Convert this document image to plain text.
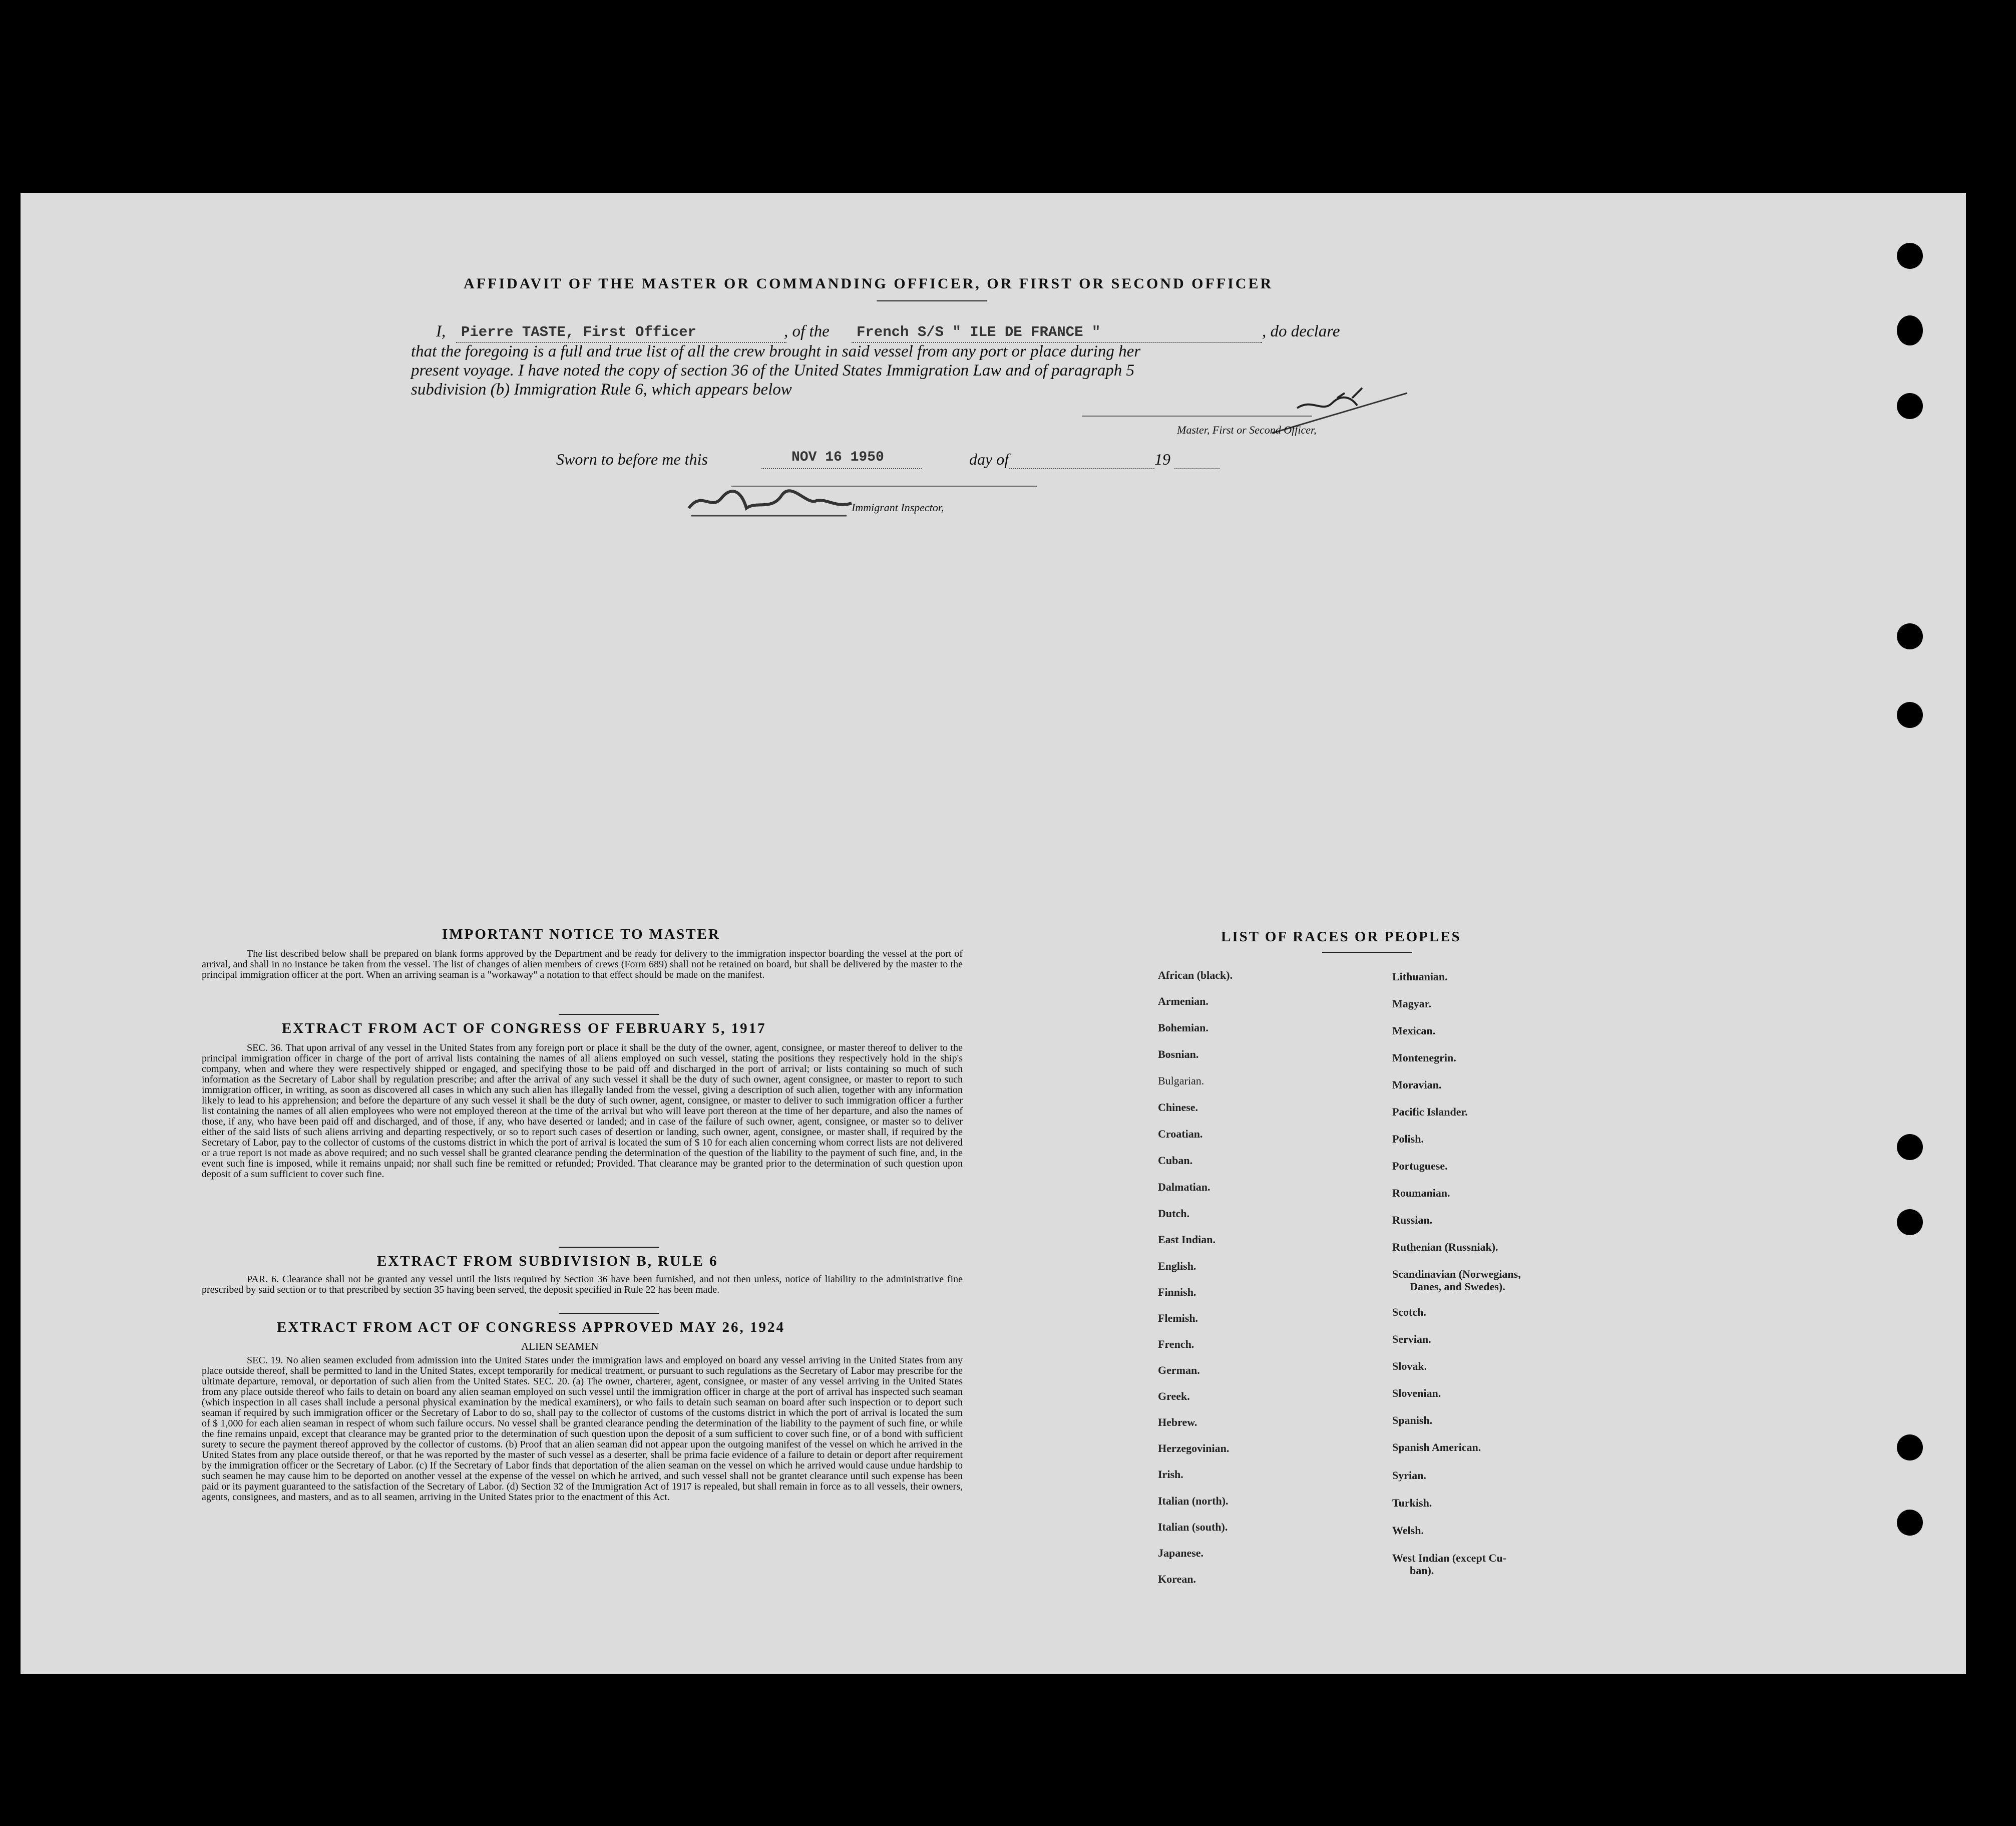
AFFIDAVIT OF THE MASTER OR COMMANDING OFFICER, OR FIRST OR SECOND OFFICER
I, Pierre TASTE, First Officer	, of the French S/S " ILE DE FRANCE "	, do declare
that the foregoing is a full and true list of all the crew brought in said vessel from any port or place during her
present voyage. I have noted the copy of section 36 of the United States Immigration Law and of paragraph 5
subdivision (b) Immigration Rule 6, which appears below
Master, First or Second Officer,
Sworn to before me this	NOV 16 1950	day of	19
Immigrant Inspector,
IMPORTANT NOTICE TO MASTER
The list described below shall be prepared on blank forms approved by the Department and be ready for delivery to the immigration inspector boarding the vessel at the port of arrival, and shall in no instance be taken from the vessel. The list of changes of alien members of crews (Form 689) shall not be retained on board, but shall be delivered by the master to the principal immigration officer at the port. When an arriving seaman is a "workaway" a notation to that effect should be made on the manifest.
EXTRACT FROM ACT OF CONGRESS OF FEBRUARY 5, 1917
SEC. 36. That upon arrival of any vessel in the United States from any foreign port or place it shall be the duty of the owner, agent, consignee, or master thereof to deliver to the principal immigration officer in charge of the port of arrival lists containing the names of all aliens employed on such vessel, stating the positions they respectively hold in the ship's company, when and where they were respectively shipped or engaged, and specifying those to be paid off and discharged in the port of arrival; or lists containing so much of such information as the Secretary of Labor shall by regulation prescribe; and after the arrival of any such vessel it shall be the duty of such owner, agent consignee, or master to report to such immigration officer, in writing, as soon as discovered all cases in which any such alien has illegally landed from the vessel, giving a description of such alien, together with any information likely to lead to his apprehension; and before the departure of any such vessel it shall be the duty of such owner, agent, consignee, or master to deliver to such immigration officer a further list containing the names of all alien employees who were not employed thereon at the time of the arrival but who will leave port thereon at the time of her departure, and also the names of those, if any, who have been paid off and discharged, and of those, if any, who have deserted or landed; and in case of the failure of such owner, agent, consignee, or master so to deliver either of the said lists of such aliens arriving and departing respectively, or so to report such cases of desertion or landing, such owner, agent, consignee, or master shall, if required by the Secretary of Labor, pay to the collector of customs of the customs district in which the port of arrival is located the sum of $ 10 for each alien concerning whom correct lists are not delivered or a true report is not made as above required; and no such vessel shall be granted clearance pending the determination of the question of the liability to the payment of such fine, and, in the event such fine is imposed, while it remains unpaid; nor shall such fine be remitted or refunded; Provided. That clearance may be granted prior to the determination of such question upon deposit of a sum sufficient to cover such fine.
EXTRACT FROM SUBDIVISION B, RULE 6
PAR. 6. Clearance shall not be granted any vessel until the lists required by Section 36 have been furnished, and not then unless, notice of liability to the administrative fine prescribed by said section or to that prescribed by section 35 having been served, the deposit specified in Rule 22 has been made.
EXTRACT FROM ACT OF CONGRESS APPROVED MAY 26, 1924
ALIEN SEAMEN
SEC. 19. No alien seamen excluded from admission into the United States under the immigration laws and employed on board any vessel arriving in the United States from any place outside thereof, shall be permitted to land in the United States, except temporarily for medical treatment, or pursuant to such regulations as the Secretary of Labor may prescribe for the ultimate departure, removal, or deportation of such alien from the United States. SEC. 20. (a) The owner, charterer, agent, consignee, or master of any vessel arriving in the United States from any place outside thereof who fails to detain on board any alien seaman employed on such vessel until the immigration officer in charge at the port of arrival has inspected such seaman (which inspection in all cases shall include a personal physical examination by the medical examiners), or who fails to detain such seaman on board after such inspection or to deport such seaman if required by such immigration officer or the Secretary of Labor to do so, shall pay to the collector of customs of the customs district in which the port of arrival is located the sum of $ 1,000 for each alien seaman in respect of whom such failure occurs. No vessel shall be granted clearance pending the determination of the liability to the payment of such fine, or while the fine remains unpaid, except that clearance may be granted prior to the determination of such question upon the deposit of a sum sufficient to cover such fine, or of a bond with sufficient surety to secure the payment thereof approved by the collector of customs. (b) Proof that an alien seaman did not appear upon the outgoing manifest of the vessel on which he arrived in the United States from any place outside thereof, or that he was reported by the master of such vessel as a deserter, shall be prima facie evidence of a failure to detain or deport after requirement by the immigration officer or the Secretary of Labor. (c) If the Secretary of Labor finds that deportation of the alien seaman on the vessel on which he arrived would cause undue hardship to such seamen he may cause him to be deported on another vessel at the expense of the vessel on which he arrived, and such vessel shall not be grantet clearance until such expense has been paid or its payment guaranteed to the satisfaction of the Secretary of Labor. (d) Section 32 of the Immigration Act of 1917 is repealed, but shall remain in force as to all vessels, their owners, agents, consignees, and masters, and as to all seamen, arriving in the United States prior to the enactment of this Act.
LIST OF RACES OR PEOPLES
African (black).
Armenian.
Bohemian.
Bosnian.
Bulgarian.
Chinese.
Croatian.
Cuban.
Dalmatian.
Dutch.
East Indian.
English.
Finnish.
Flemish.
French.
German.
Greek.
Hebrew.
Herzegovinian.
Irish.
Italian (north).
Italian (south).
Japanese.
Korean.
Lithuanian.
Magyar.
Mexican.
Montenegrin.
Moravian.
Pacific Islander.
Polish.
Portuguese.
Roumanian.
Russian.
Ruthenian (Russniak).
Scandinavian (Norwegians,
Danes, and Swedes).
Scotch.
Servian.
Slovak.
Slovenian.
Spanish.
Spanish American.
Syrian.
Turkish.
Welsh.
West Indian (except Cu-
ban).
